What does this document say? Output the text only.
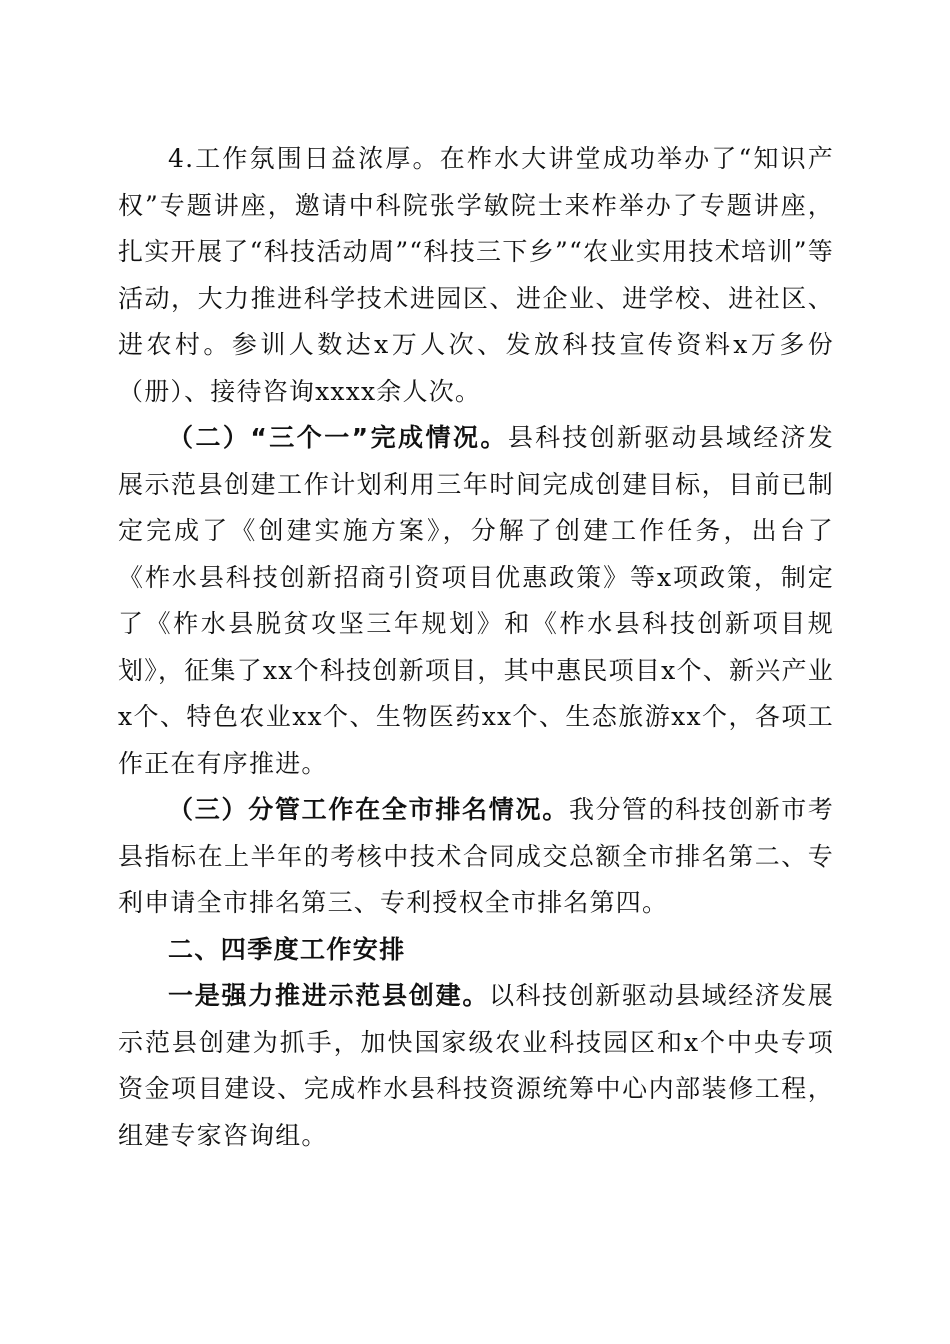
4.工作氛围日益浓厚。在柞水大讲堂成功举办了“知识产权”专题讲座，邀请中科院张学敏院士来柞举办了专题讲座，扎实开展了“科技活动周”“科技三下乡”“农业实用技术培训”等活动，大力推进科学技术进园区、进企业、进学校、进社区、进农村。参训人数达x万人次、发放科技宣传资料x万多份（册）、接待咨询xxxx余人次。

（二）“三个一”完成情况。县科技创新驱动县域经济发展示范县创建工作计划利用三年时间完成创建目标，目前已制定完成了《创建实施方案》，分解了创建工作任务，出台了《柞水县科技创新招商引资项目优惠政策》等x项政策，制定了《柞水县脱贫攻坚三年规划》和《柞水县科技创新项目规划》，征集了xx个科技创新项目，其中惠民项目x个、新兴产业x个、特色农业xx个、生物医药xx个、生态旅游xx个，各项工作正在有序推进。

（三）分管工作在全市排名情况。我分管的科技创新市考县指标在上半年的考核中技术合同成交总额全市排名第二、专利申请全市排名第三、专利授权全市排名第四。

二、四季度工作安排

一是强力推进示范县创建。以科技创新驱动县域经济发展示范县创建为抓手，加快国家级农业科技园区和x个中央专项资金项目建设、完成柞水县科技资源统筹中心内部装修工程，组建专家咨询组。
